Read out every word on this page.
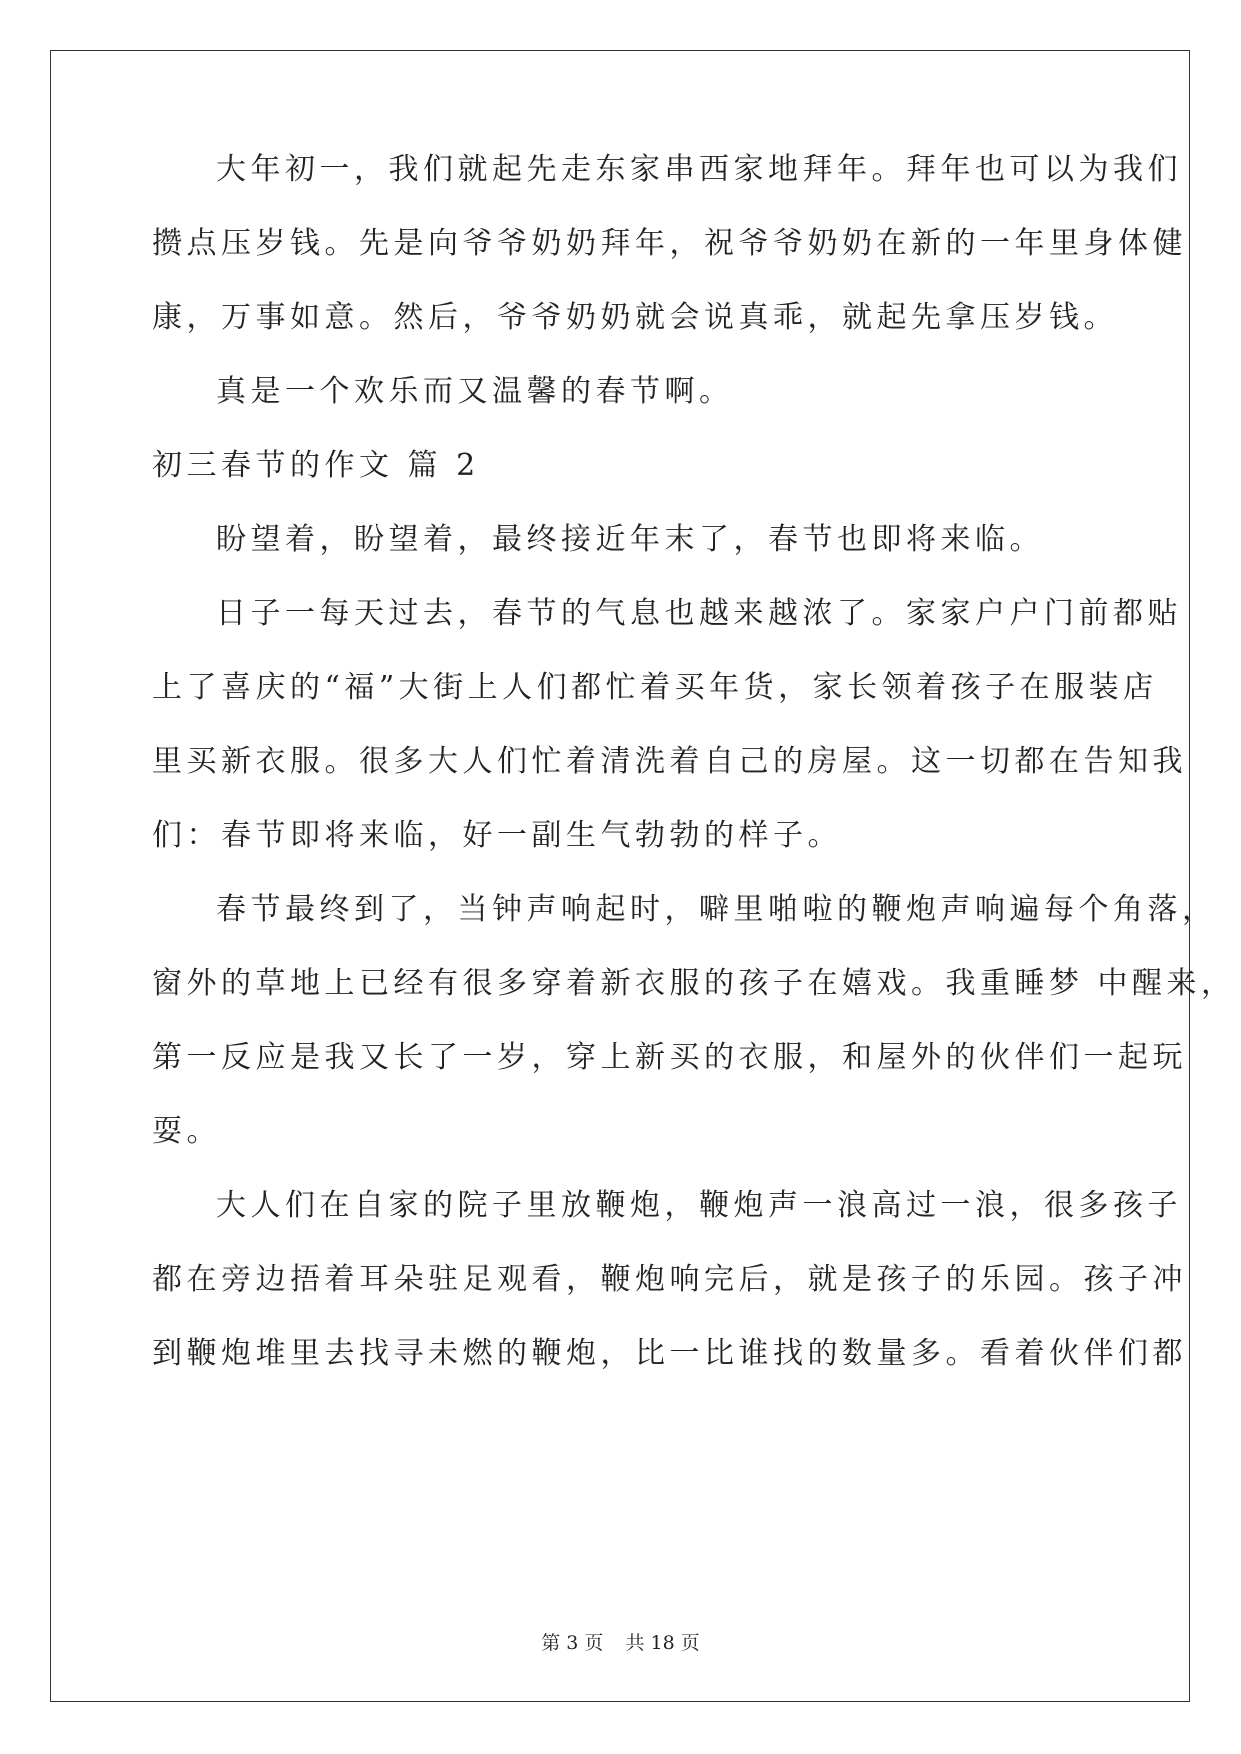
大年初一，我们就起先走东家串西家地拜年。拜年也可以为我们
攒点压岁钱。先是向爷爷奶奶拜年，祝爷爷奶奶在新的一年里身体健
康，万事如意。然后，爷爷奶奶就会说真乖，就起先拿压岁钱。
真是一个欢乐而又温馨的春节啊。
初三春节的作文 篇 2
盼望着，盼望着，最终接近年末了，春节也即将来临。
日子一每天过去，春节的气息也越来越浓了。家家户户门前都贴
上了喜庆的“福”大街上人们都忙着买年货，家长领着孩子在服装店
里买新衣服。很多大人们忙着清洗着自己的房屋。这一切都在告知我
们：春节即将来临，好一副生气勃勃的样子。
春节最终到了，当钟声响起时，噼里啪啦的鞭炮声响遍每个角落，
窗外的草地上已经有很多穿着新衣服的孩子在嬉戏。我重睡梦 中醒来，
第一反应是我又长了一岁，穿上新买的衣服，和屋外的伙伴们一起玩
耍。
大人们在自家的院子里放鞭炮，鞭炮声一浪高过一浪，很多孩子
都在旁边捂着耳朵驻足观看，鞭炮响完后，就是孩子的乐园。孩子冲
到鞭炮堆里去找寻未燃的鞭炮，比一比谁找的数量多。看着伙伴们都
第 3 页 共 18 页
